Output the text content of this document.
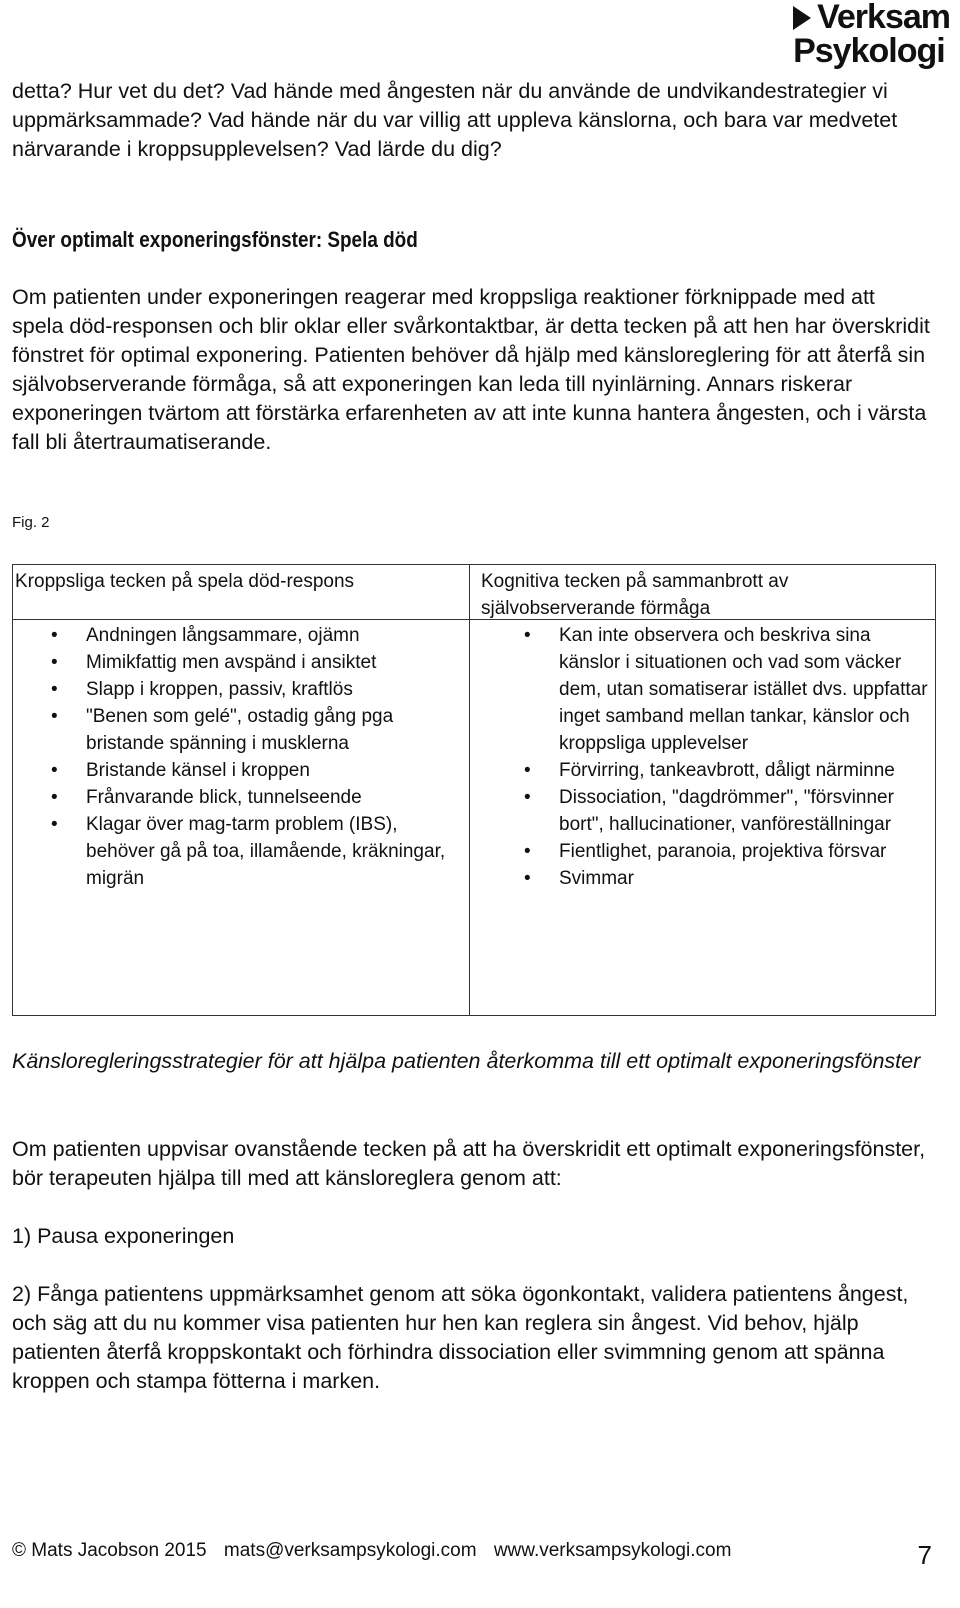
Verksam
Psykologi

detta? Hur vet du det? Vad hände med ångesten när du använde de undvikandestrategier vi uppmärksammade? Vad hände när du var villig att uppleva känslorna, och bara var medvetet närvarande i kroppsupplevelsen? Vad lärde du dig?

Över optimalt exponeringsfönster: Spela död

Om patienten under exponeringen reagerar med kroppsliga reaktioner förknippade med att spela död-responsen och blir oklar eller svårkontaktbar, är detta tecken på att hen har överskridit fönstret för optimal exponering. Patienten behöver då hjälp med känsloreglering för att återfå sin självobserverande förmåga, så att exponeringen kan leda till nyinlärning. Annars riskerar exponeringen tvärtom att förstärka erfarenheten av att inte kunna hantera ångesten, och i värsta fall bli återtraumatiserande.

Fig. 2
Kroppsliga tecken på spela död-respons
• Andningen långsammare, ojämn
• Mimikfattig men avspänd i ansiktet
• Slapp i kroppen, passiv, kraftlös
• "Benen som gelé", ostadig gång pga bristande spänning i musklerna
• Bristande känsel i kroppen
• Frånvarande blick, tunnelseende
• Klagar över mag-tarm problem (IBS), behöver gå på toa, illamående, kräkningar, migrän
Kognitiva tecken på sammanbrott av självobserverande förmåga
• Kan inte observera och beskriva sina känslor i situationen och vad som väcker dem, utan somatiserar istället dvs. uppfattar inget samband mellan tankar, känslor och kroppsliga upplevelser
• Förvirring, tankeavbrott, dåligt närminne
• Dissociation, "dagdrömmer", "försvinner bort", hallucinationer, vanföreställningar
• Fientlighet, paranoia, projektiva försvar
• Svimmar
Känsloregleringsstrategier för att hjälpa patienten återkomma till ett optimalt exponeringsfönster

Om patienten uppvisar ovanstående tecken på att ha överskridit ett optimalt exponeringsfönster, bör terapeuten hjälpa till med att känsloreglera genom att:

1) Pausa exponeringen

2) Fånga patientens uppmärksamhet genom att söka ögonkontakt, validera patientens ångest, och säg att du nu kommer visa patienten hur hen kan reglera sin ångest. Vid behov, hjälp patienten återfå kroppskontakt och förhindra dissociation eller svimmning genom att spänna kroppen och stampa fötterna i marken.

© Mats Jacobson 2015 mats@verksampsykologi.com www.verksampsykologi.com	7
